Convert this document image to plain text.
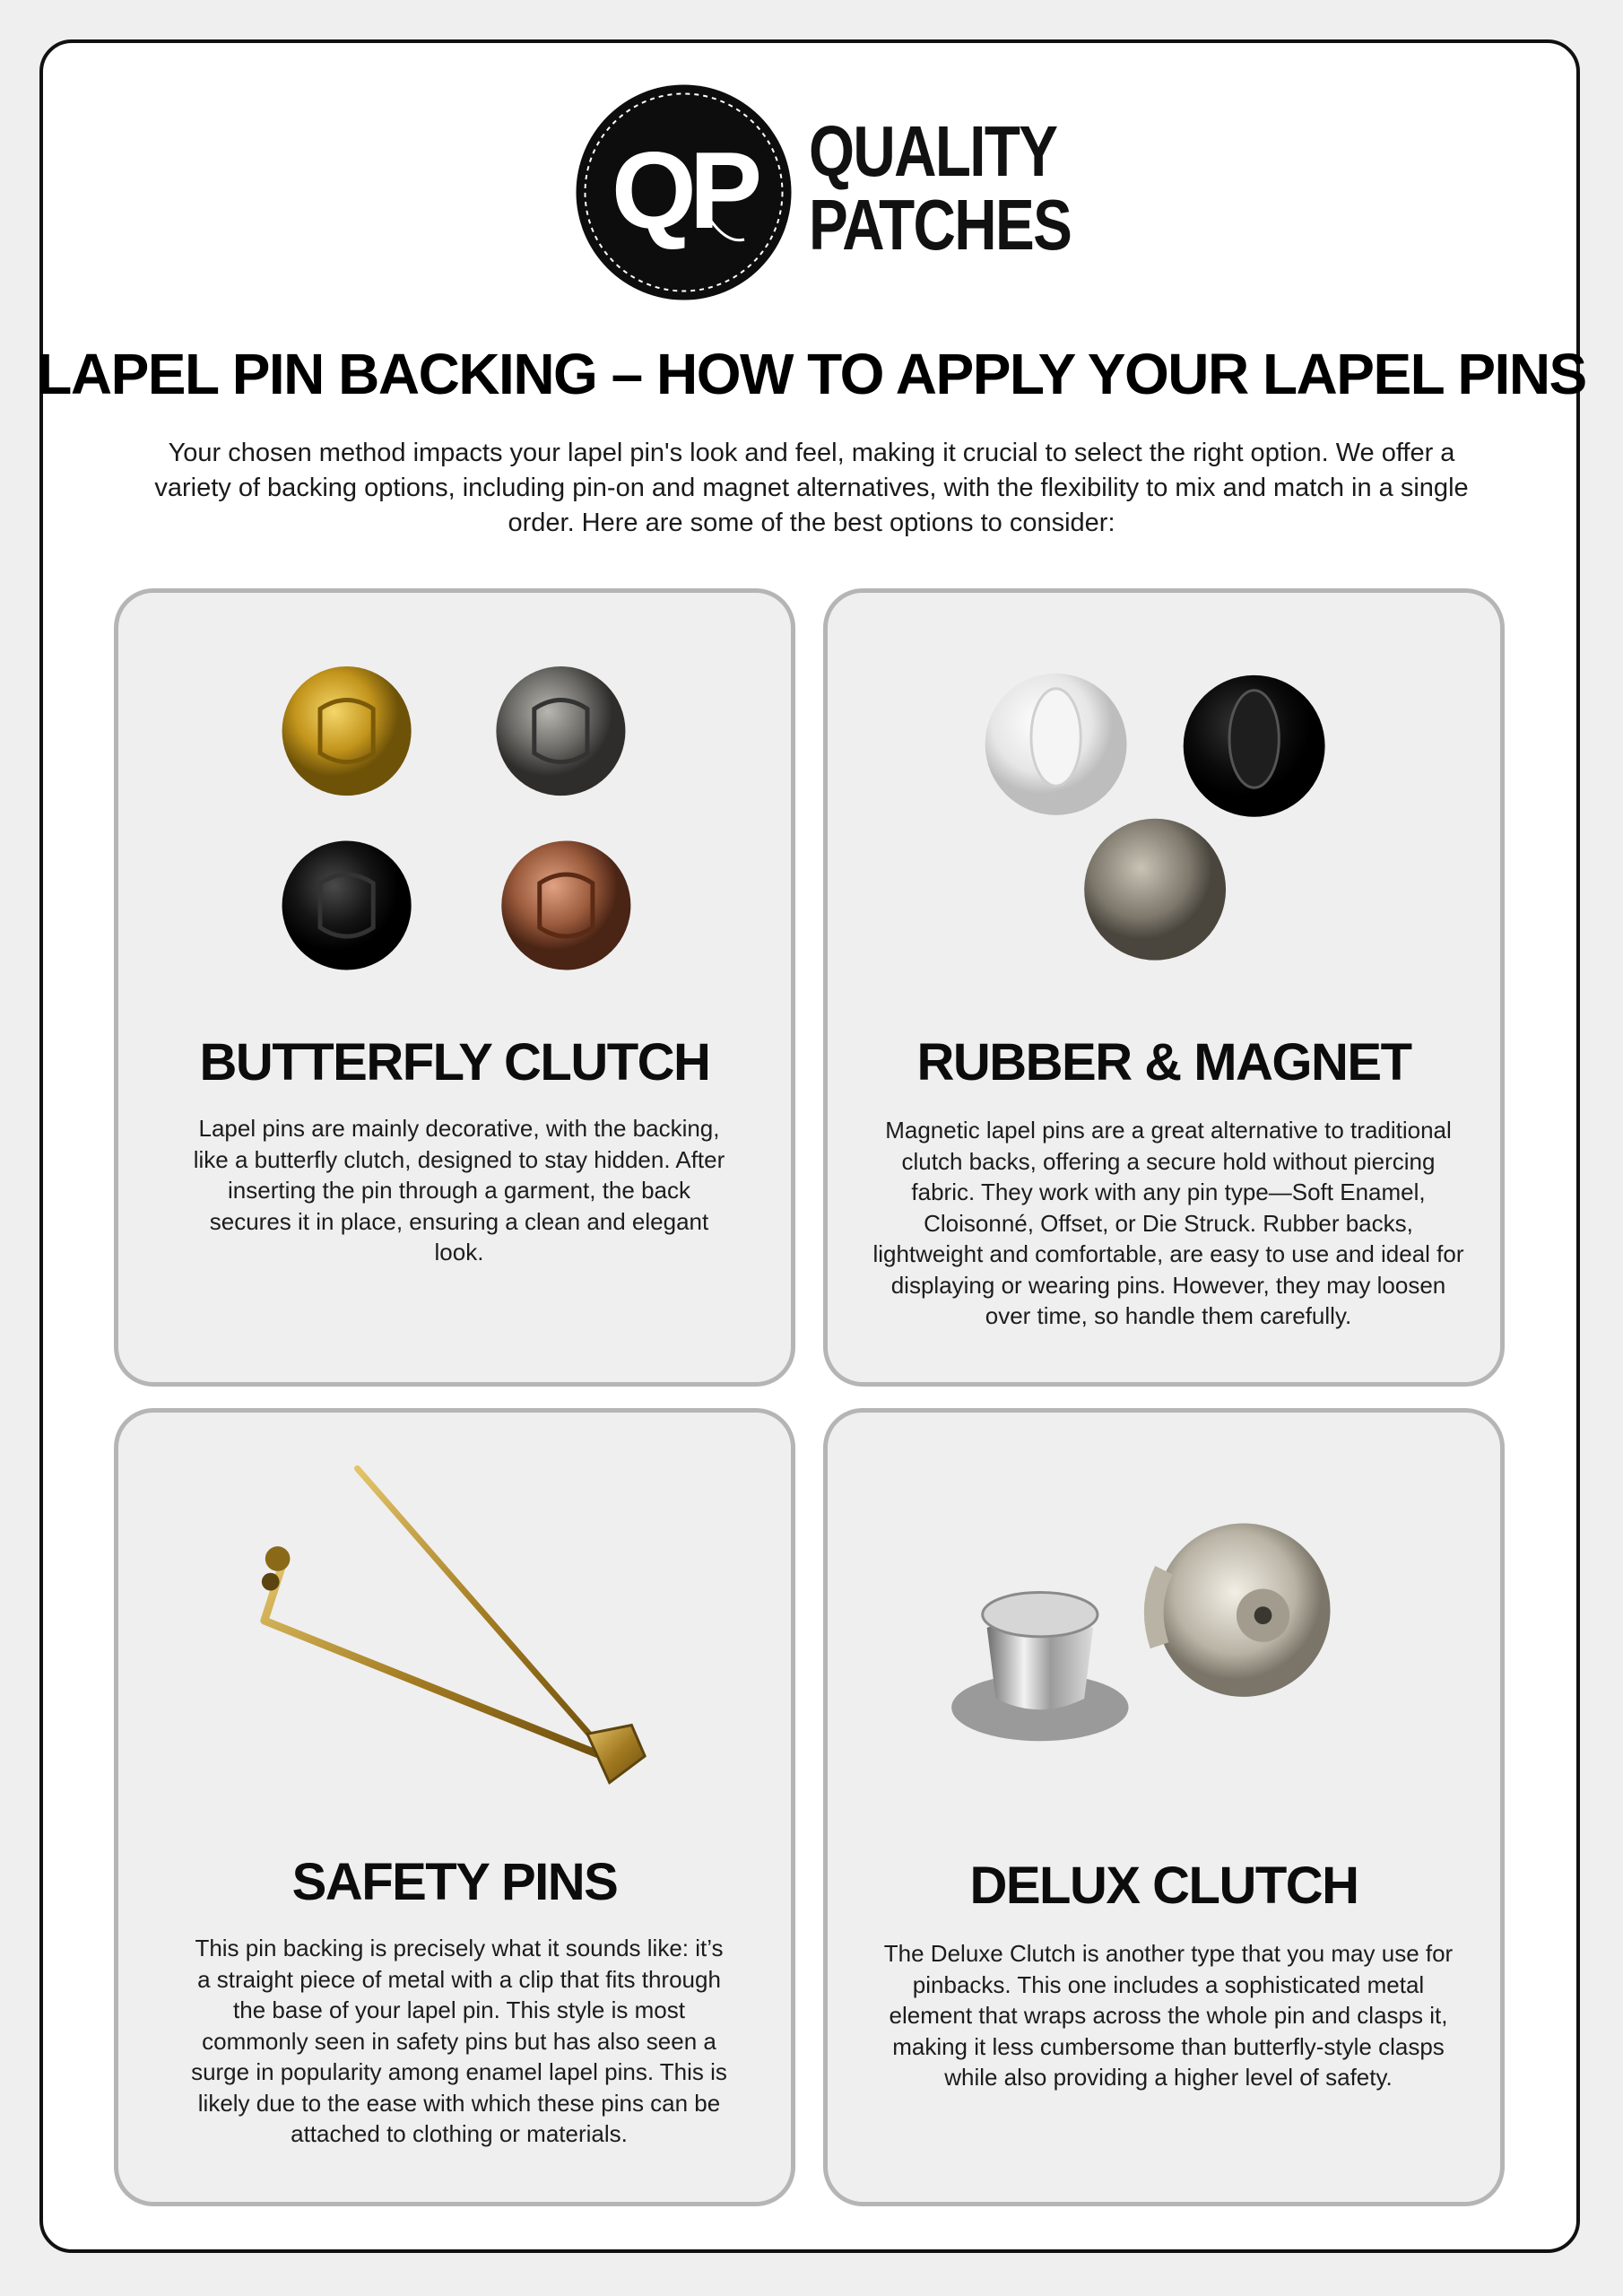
QP QUALITY
PATCHES
LAPEL PIN BACKING – HOW TO APPLY YOUR LAPEL PINS
Your chosen method impacts your lapel pin's look and feel, making it crucial to select the right option. We offer a variety of backing options, including pin-on and magnet alternatives, with the flexibility to mix and match in a single order. Here are some of the best options to consider:
BUTTERFLY CLUTCH

Lapel pins are mainly decorative, with the backing, like a butterfly clutch, designed to stay hidden. After inserting the pin through a garment, the back secures it in place, ensuring a clean and elegant look.

RUBBER & MAGNET

Magnetic lapel pins are a great alternative to traditional clutch backs, offering a secure hold without piercing fabric. They work with any pin type—Soft Enamel, Cloisonné, Offset, or Die Struck. Rubber backs, lightweight and comfortable, are easy to use and ideal for displaying or wearing pins. However, they may loosen over time, so handle them carefully.

SAFETY PINS

This pin backing is precisely what it sounds like: it’s a straight piece of metal with a clip that fits through the base of your lapel pin. This style is most commonly seen in safety pins but has also seen a surge in popularity among enamel lapel pins. This is likely due to the ease with which these pins can be attached to clothing or materials.

DELUX CLUTCH

The Deluxe Clutch is another type that you may use for pinbacks. This one includes a sophisticated metal element that wraps across the whole pin and clasps it, making it less cumbersome than butterfly-style clasps while also providing a higher level of safety.
